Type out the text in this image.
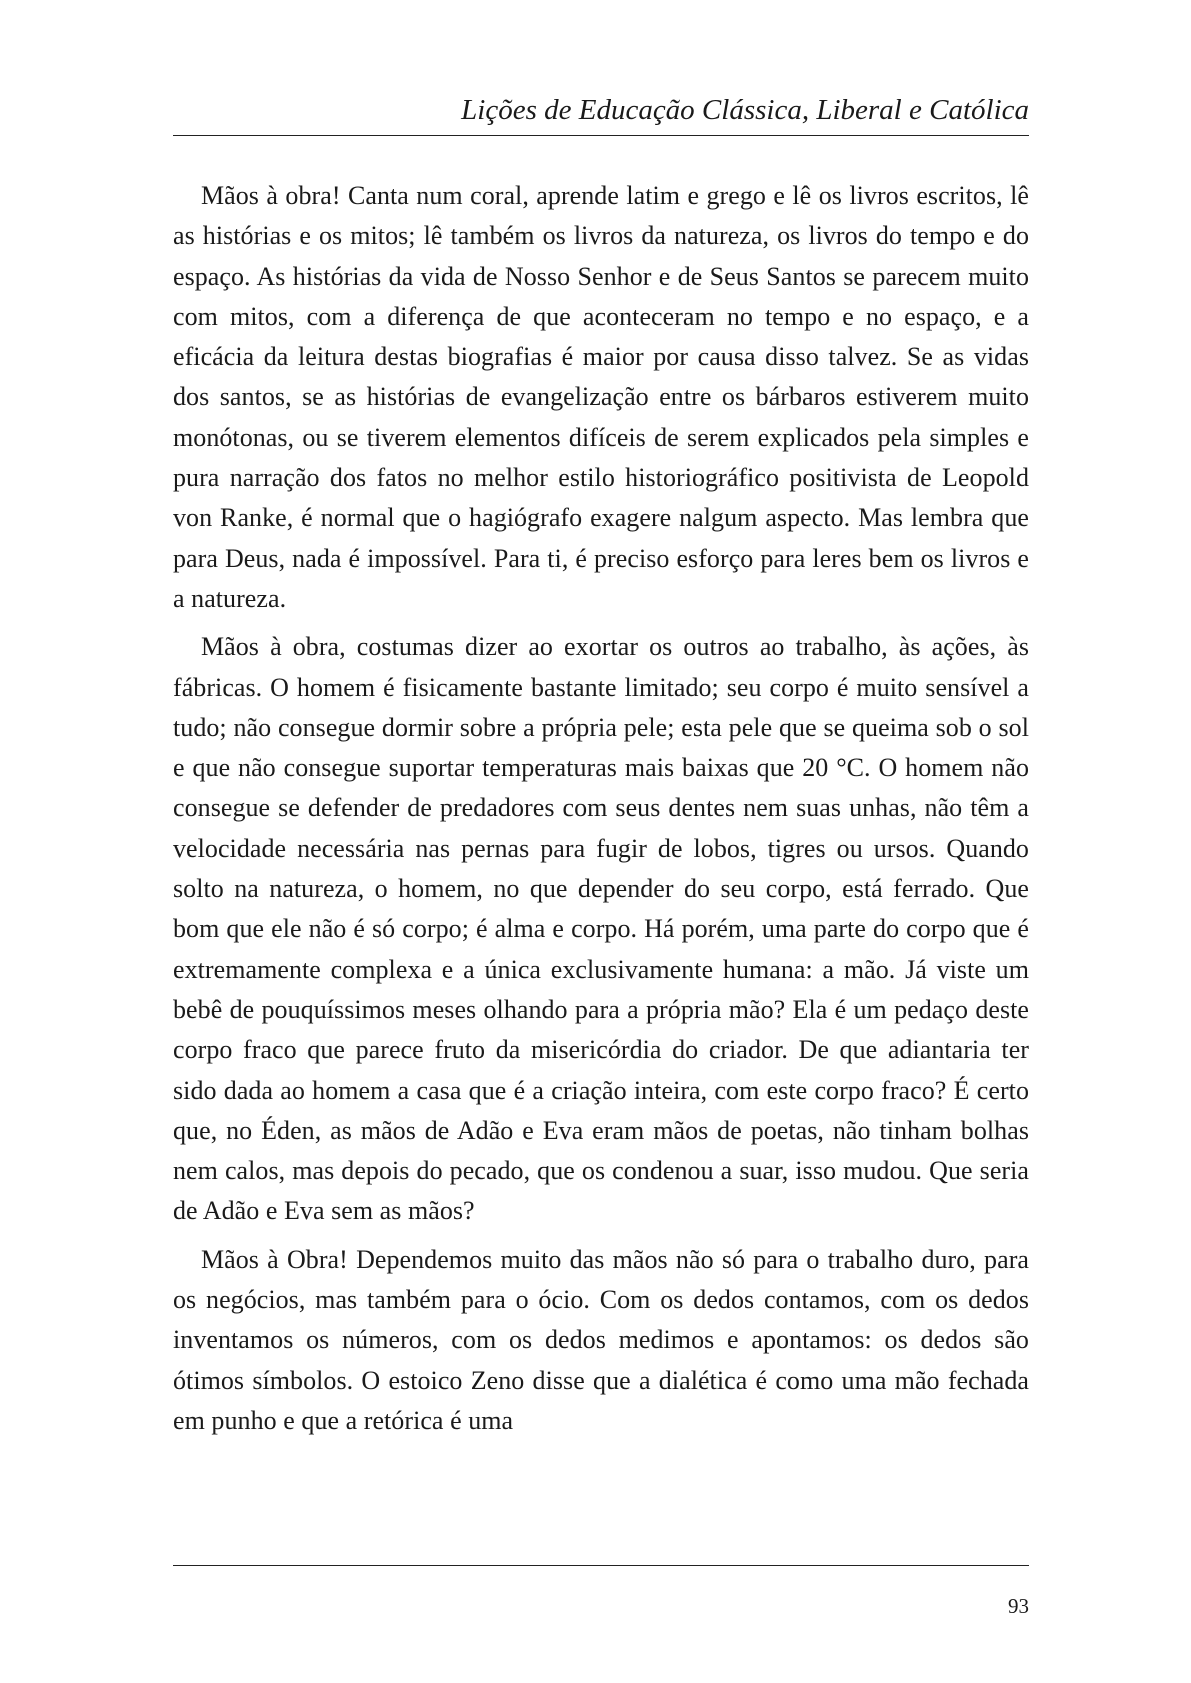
Lições de Educação Clássica, Liberal e Católica

Mãos à obra! Canta num coral, aprende latim e grego e lê os livros escritos, lê as histórias e os mitos; lê também os livros da natureza, os livros do tempo e do espaço. As histórias da vida de Nosso Senhor e de Seus Santos se parecem muito com mitos, com a diferença de que aconteceram no tempo e no espaço, e a eficácia da leitura destas biografias é maior por causa disso talvez. Se as vidas dos santos, se as histórias de evangelização entre os bárbaros estiverem muito monótonas, ou se tiverem elementos difíceis de serem explicados pela simples e pura narração dos fatos no melhor estilo historiográfico positivista de Leopold von Ranke, é normal que o hagiógrafo exagere nalgum aspecto. Mas lembra que para Deus, nada é impossível. Para ti, é preciso esforço para leres bem os livros e a natureza.

Mãos à obra, costumas dizer ao exortar os outros ao trabalho, às ações, às fábricas. O homem é fisicamente bastante limitado; seu corpo é muito sensível a tudo; não consegue dormir sobre a própria pele; esta pele que se queima sob o sol e que não consegue suportar temperaturas mais baixas que 20 °C. O homem não consegue se defender de predadores com seus dentes nem suas unhas, não têm a velocidade necessária nas pernas para fugir de lobos, tigres ou ursos. Quando solto na natureza, o homem, no que depender do seu corpo, está ferrado. Que bom que ele não é só corpo; é alma e corpo. Há porém, uma parte do corpo que é extremamente complexa e a única exclusivamente humana: a mão. Já viste um bebê de pouquíssimos meses olhando para a própria mão? Ela é um pedaço deste corpo fraco que parece fruto da misericórdia do criador. De que adiantaria ter sido dada ao homem a casa que é a criação inteira, com este corpo fraco? É certo que, no Éden, as mãos de Adão e Eva eram mãos de poetas, não tinham bolhas nem calos, mas depois do pecado, que os condenou a suar, isso mudou. Que seria de Adão e Eva sem as mãos?

Mãos à Obra! Dependemos muito das mãos não só para o trabalho duro, para os negócios, mas também para o ócio. Com os dedos contamos, com os dedos inventamos os números, com os dedos medimos e apontamos: os dedos são ótimos símbolos. O estoico Zeno disse que a dialética é como uma mão fechada em punho e que a retórica é uma

93
